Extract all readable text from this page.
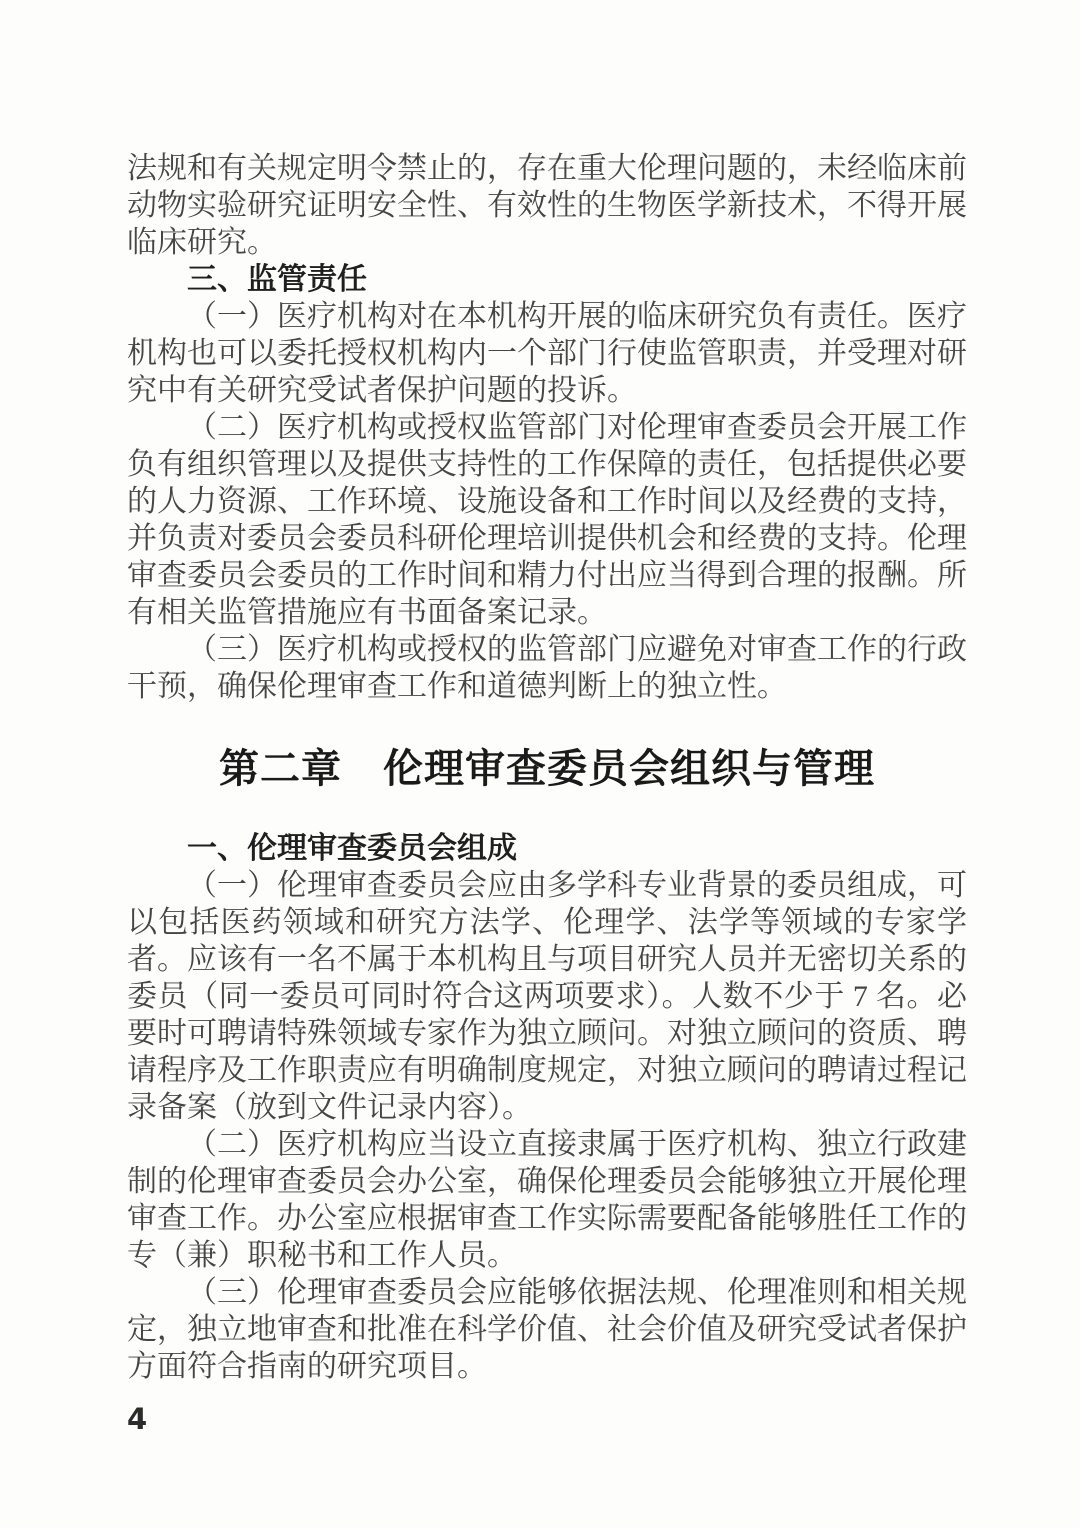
法规和有关规定明令禁止的，存在重大伦理问题的，未经临床前动物实验研究证明安全性、有效性的生物医学新技术，不得开展临床研究。

三、监管责任

（一）医疗机构对在本机构开展的临床研究负有责任。医疗机构也可以委托授权机构内一个部门行使监管职责，并受理对研究中有关研究受试者保护问题的投诉。

（二）医疗机构或授权监管部门对伦理审查委员会开展工作负有组织管理以及提供支持性的工作保障的责任，包括提供必要的人力资源、工作环境、设施设备和工作时间以及经费的支持，并负责对委员会委员科研伦理培训提供机会和经费的支持。伦理审查委员会委员的工作时间和精力付出应当得到合理的报酬。所有相关监管措施应有书面备案记录。

（三）医疗机构或授权的监管部门应避免对审查工作的行政干预，确保伦理审查工作和道德判断上的独立性。

第二章　伦理审查委员会组织与管理

一、伦理审查委员会组成

（一）伦理审查委员会应由多学科专业背景的委员组成，可以包括医药领域和研究方法学、伦理学、法学等领域的专家学者。应该有一名不属于本机构且与项目研究人员并无密切关系的委员（同一委员可同时符合这两项要求）。人数不少于 7 名。必要时可聘请特殊领域专家作为独立顾问。对独立顾问的资质、聘请程序及工作职责应有明确制度规定，对独立顾问的聘请过程记录备案（放到文件记录内容）。

（二）医疗机构应当设立直接隶属于医疗机构、独立行政建制的伦理审查委员会办公室，确保伦理委员会能够独立开展伦理审查工作。办公室应根据审查工作实际需要配备能够胜任工作的专（兼）职秘书和工作人员。

（三）伦理审查委员会应能够依据法规、伦理准则和相关规定，独立地审查和批准在科学价值、社会价值及研究受试者保护方面符合指南的研究项目。

4
